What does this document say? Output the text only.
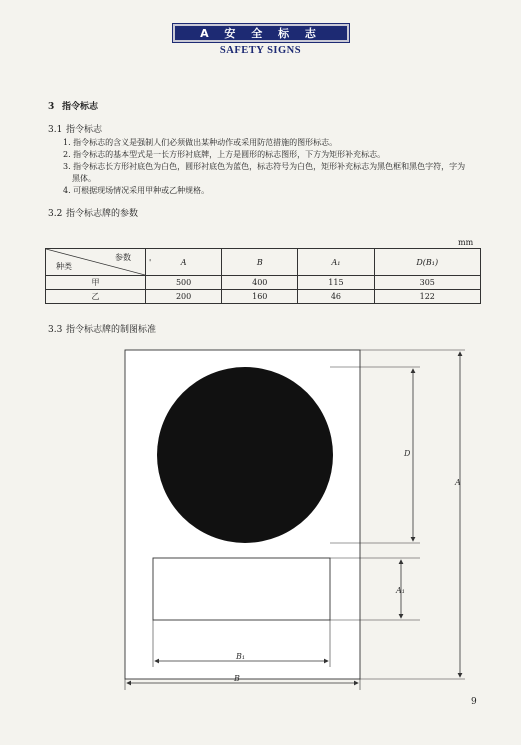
A 安 全 标 志
SAFETY SIGNS
3 指令标志
3.1 指令标志
1. 指令标志的含义是强制人们必须做出某种动作或采用防范措施的图形标志。
2. 指令标志的基本型式是一长方形衬底牌，上方是圆形的标志图形，下方为矩形补充标志。
3. 指令标志长方形衬底色为白色，圆形衬底色为蓝色，标志符号为白色，矩形补充标志为黑色框和黑色字符，字为黑体。
4. 可根据现场情况采用甲种或乙种规格。
3.2 指令标志牌的参数
mm
参数
种类 '	A	B	A₁	D(B₁)
甲	500	400	115	305
乙	200	160	46	122
3.3 指令标志牌的制图标准
D
A
A₁
B₁
B
9
